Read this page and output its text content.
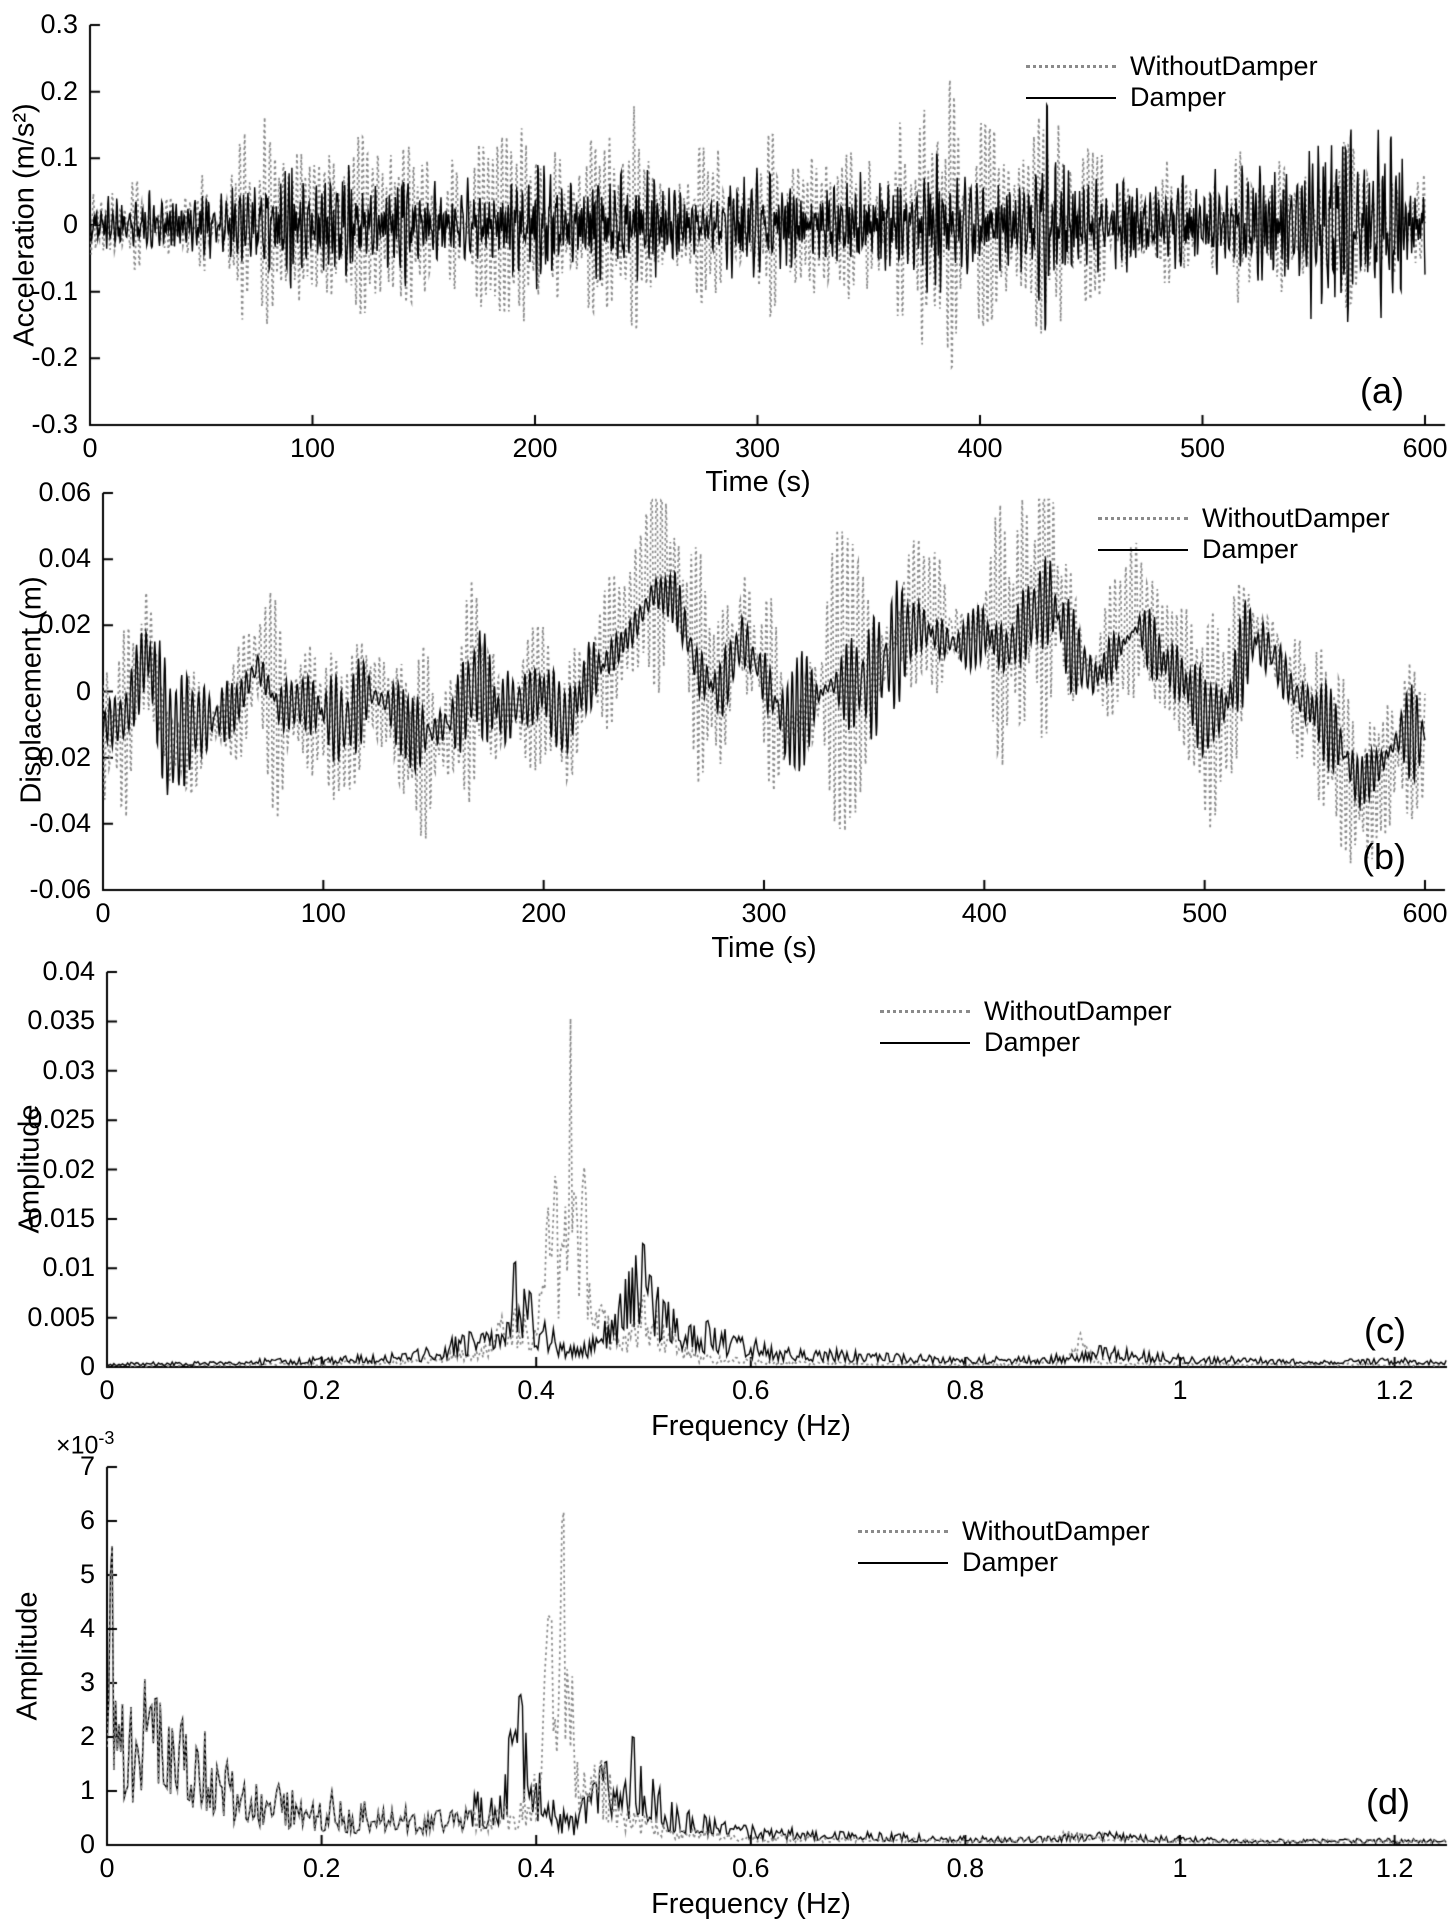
0	100	200	300	400	500	600
0.3
0.2
0.1
0
-0.1
-0.2
-0.3
0	100	200	300	400	500	600
0.06
0.04
0.02
0
-0.02
-0.04
-0.06
0	0.2	0.4	0.6	0.8	1	1.2
0
0.005
0.01
0.015
0.02
0.025
0.03
0.035
0.04
0	0.2	0.4	0.6	0.8	1	1.2
0
1
2
3
4
5
6
7
Acceleration (m/s²)
Time (s)
(a)
WithoutDamper
Damper
Displacement (m)
Time (s)
(b)
WithoutDamper
Damper
Amplitude
Frequency (Hz)
(c)
WithoutDamper
Damper
Amplitude
$\times 10^{-3}$
Frequency (Hz)
(d)
WithoutDamper
Damper
